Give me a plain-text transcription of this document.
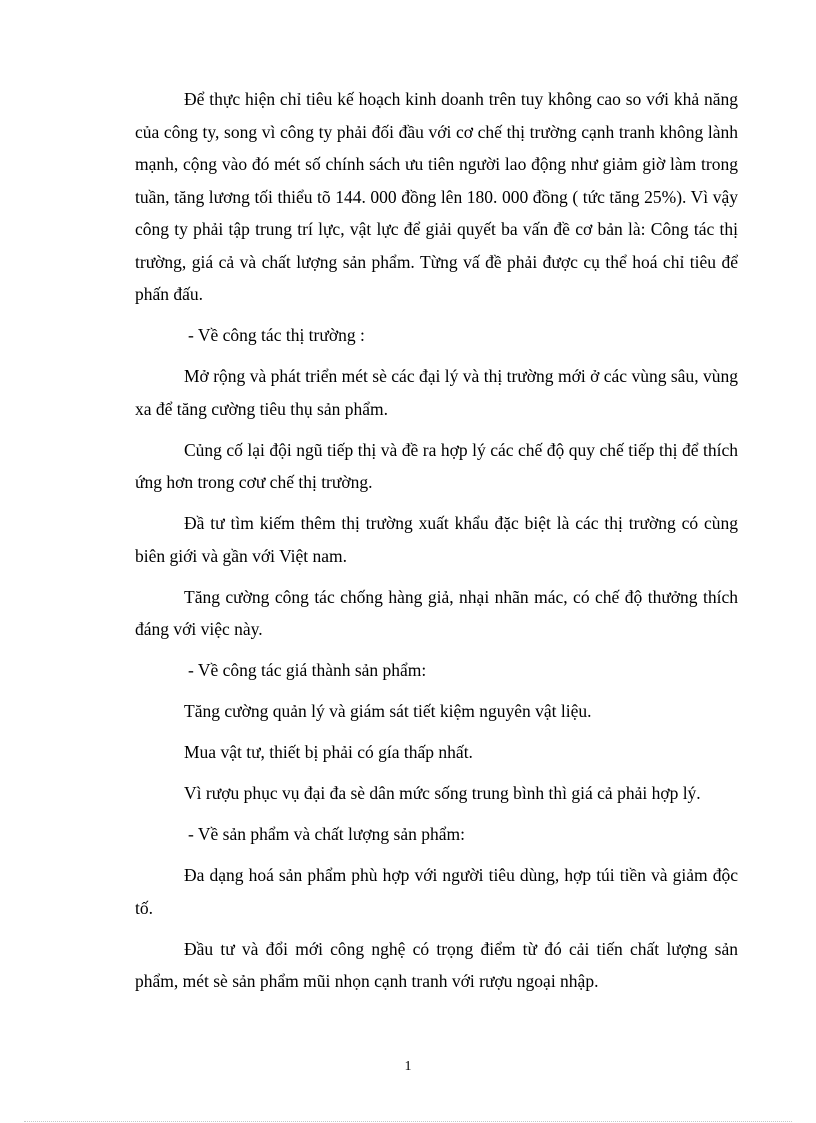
Để thực hiện chỉ tiêu kế hoạch kinh doanh trên tuy không cao so với khả năng của công ty, song vì công ty phải đối đầu với cơ chế thị trường cạnh tranh không lành mạnh, cộng vào đó mét số chính sách ưu tiên người lao động như giảm giờ làm trong tuần, tăng lương tối thiểu tõ 144. 000 đồng lên 180. 000 đồng ( tức tăng 25%). Vì vậy công ty phải tập trung trí lực, vật lực để giải quyết ba vấn đề cơ bản là: Công tác thị trường, giá cả và chất lượng sản phẩm. Từng vấ đề phải được cụ thể hoá chỉ tiêu để phấn đấu.

- Về công tác thị trường :

Mở rộng và phát triển mét sè các đại lý và thị trường mới ở các vùng sâu, vùng xa để tăng cường tiêu thụ sản phẩm.

Củng cố lại đội ngũ tiếp thị và đề ra hợp lý các chế độ quy chế tiếp thị để thích ứng hơn trong cơư chế thị trường.

Đầ tư tìm kiếm thêm thị trường xuất khẩu đặc biệt là các thị trường có cùng biên giới và gần với Việt nam.

Tăng cường công tác chống hàng giả, nhại nhãn mác, có chế độ thưởng thích đáng với việc này.

- Về công tác giá thành sản phẩm:

Tăng cường quản lý và giám sát tiết kiệm nguyên vật liệu.

Mua vật tư, thiết bị phải có gía thấp nhất.

Vì rượu phục vụ đại đa sè dân mức sống trung bình thì giá cả phải hợp lý.

- Về sản phẩm và chất lượng sản phẩm:

Đa dạng hoá sản phẩm phù hợp với người tiêu dùng, hợp túi tiền và giảm độc tố.

Đầu tư và đổi mới công nghệ có trọng điểm từ đó cải tiến chất lượng sản phẩm, mét sè sản phẩm mũi nhọn cạnh tranh với rượu ngoại nhập.

1
